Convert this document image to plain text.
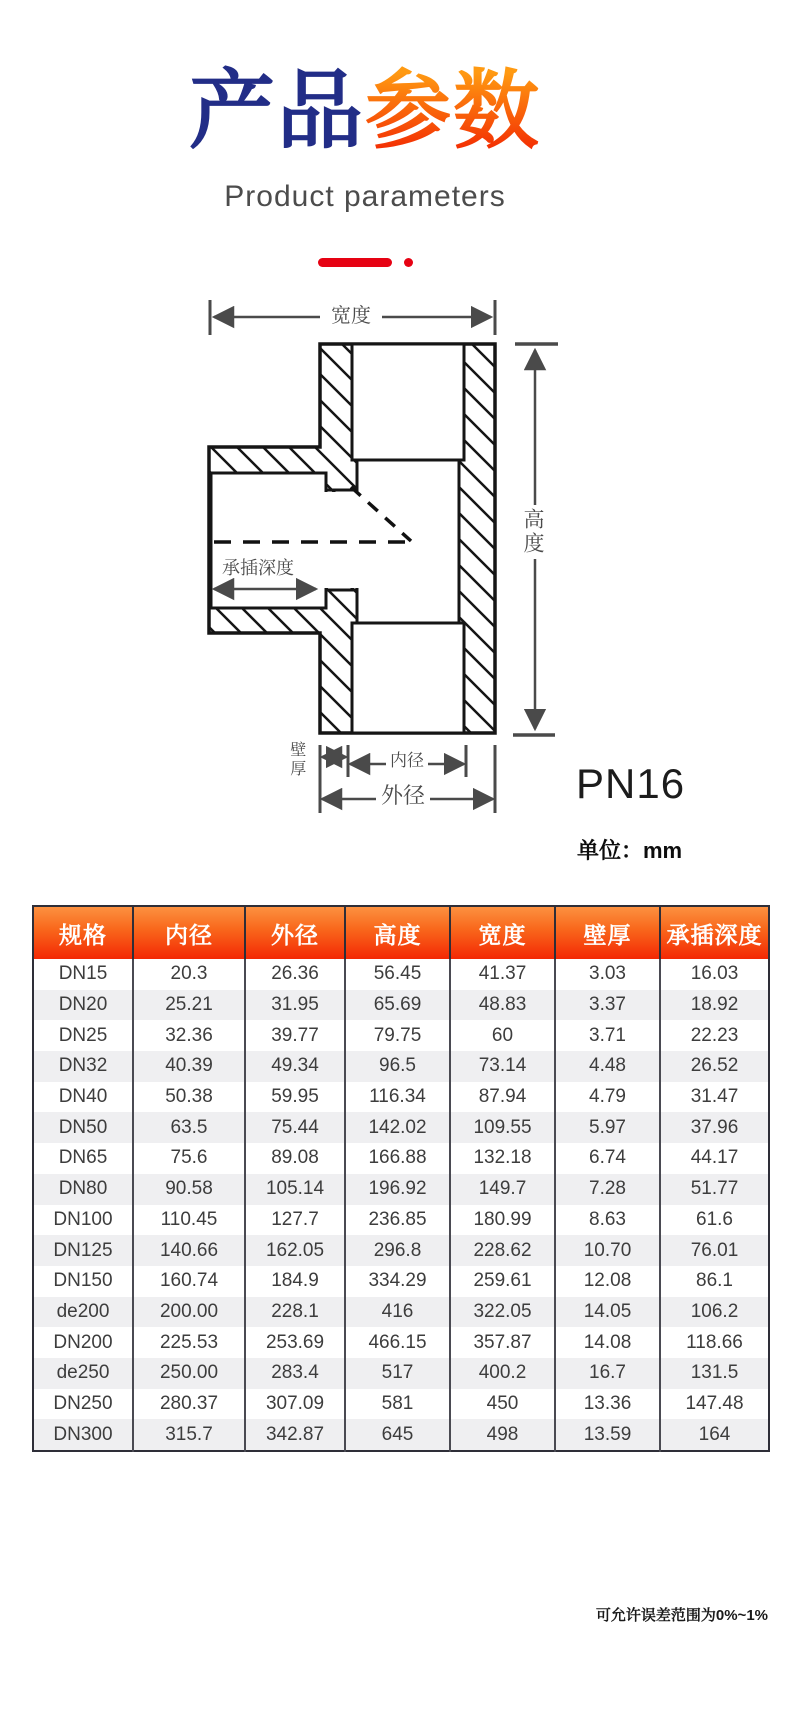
产品参数
Product parameters
宽度
高度
承插深度
壁厚	内径
外径	PN16
单位：mm
规格	内径	外径	高度	宽度	壁厚	承插深度
DN15	20.3	26.36	56.45	41.37	3.03	16.03
DN20	25.21	31.95	65.69	48.83	3.37	18.92
DN25	32.36	39.77	79.75	60	3.71	22.23
DN32	40.39	49.34	96.5	73.14	4.48	26.52
DN40	50.38	59.95	116.34	87.94	4.79	31.47
DN50	63.5	75.44	142.02	109.55	5.97	37.96
DN65	75.6	89.08	166.88	132.18	6.74	44.17
DN80	90.58	105.14	196.92	149.7	7.28	51.77
DN100	110.45	127.7	236.85	180.99	8.63	61.6
DN125	140.66	162.05	296.8	228.62	10.70	76.01
DN150	160.74	184.9	334.29	259.61	12.08	86.1
de200	200.00	228.1	416	322.05	14.05	106.2
DN200	225.53	253.69	466.15	357.87	14.08	118.66
de250	250.00	283.4	517	400.2	16.7	131.5
DN250	280.37	307.09	581	450	13.36	147.48
DN300	315.7	342.87	645	498	13.59	164
可允许误差范围为0%~1%
